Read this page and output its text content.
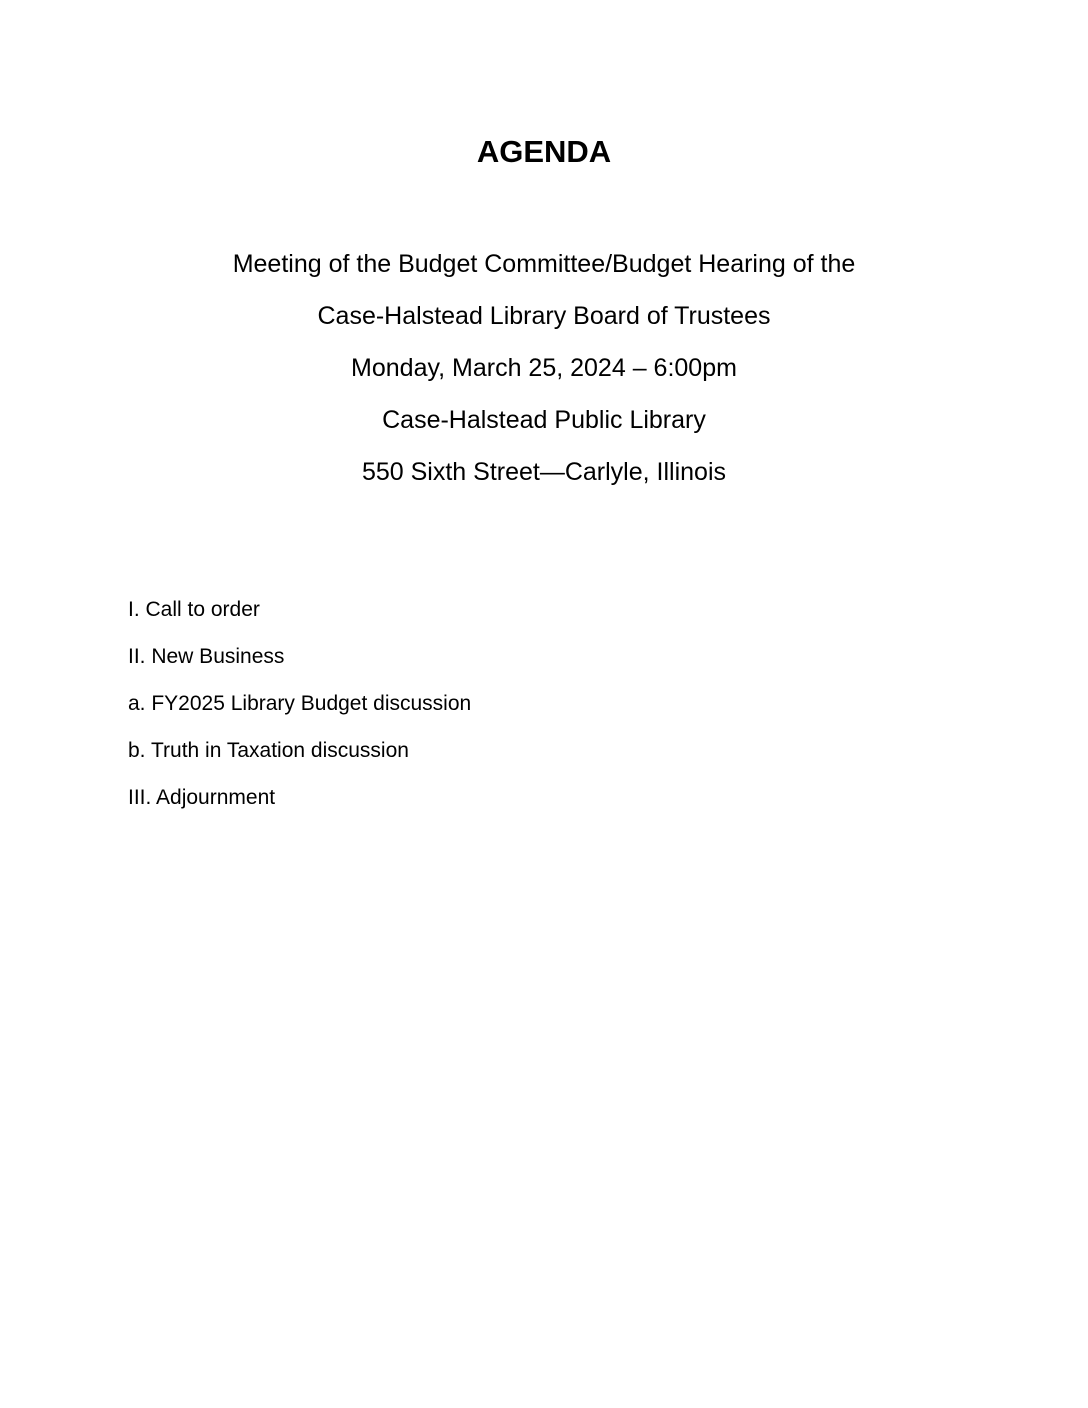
AGENDA
Meeting of the Budget Committee/Budget Hearing of the
Case-Halstead Library Board of Trustees
Monday, March 25, 2024 – 6:00pm
Case-Halstead Public Library
550 Sixth Street—Carlyle, Illinois
I. Call to order
II. New Business
a. FY2025 Library Budget discussion
b. Truth in Taxation discussion
III. Adjournment
